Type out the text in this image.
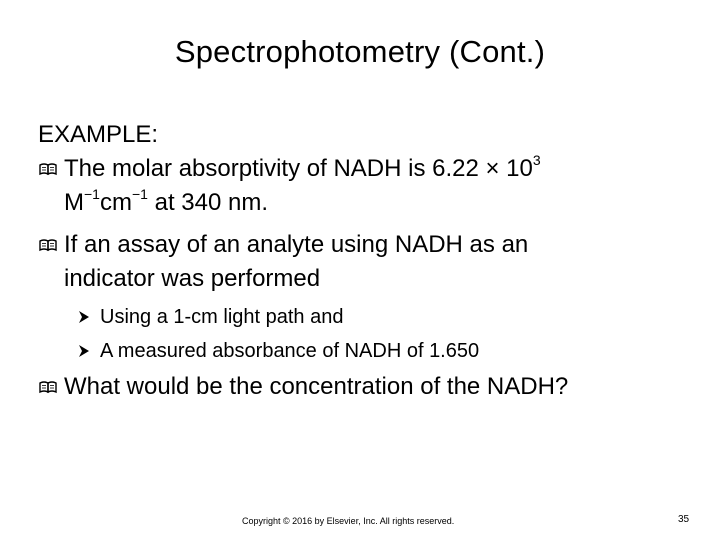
Spectrophotometry (Cont.)
EXAMPLE:
The molar absorptivity of NADH is $6.22 \times 10^3$
$M^{-1}cm^{-1}$ at 340 nm.
If an assay of an analyte using NADH as an
indicator was performed
Using a 1-cm light path and
A measured absorbance of NADH of 1.650
What would be the concentration of the NADH?
Copyright © 2016 by Elsevier, Inc. All rights reserved.	35
